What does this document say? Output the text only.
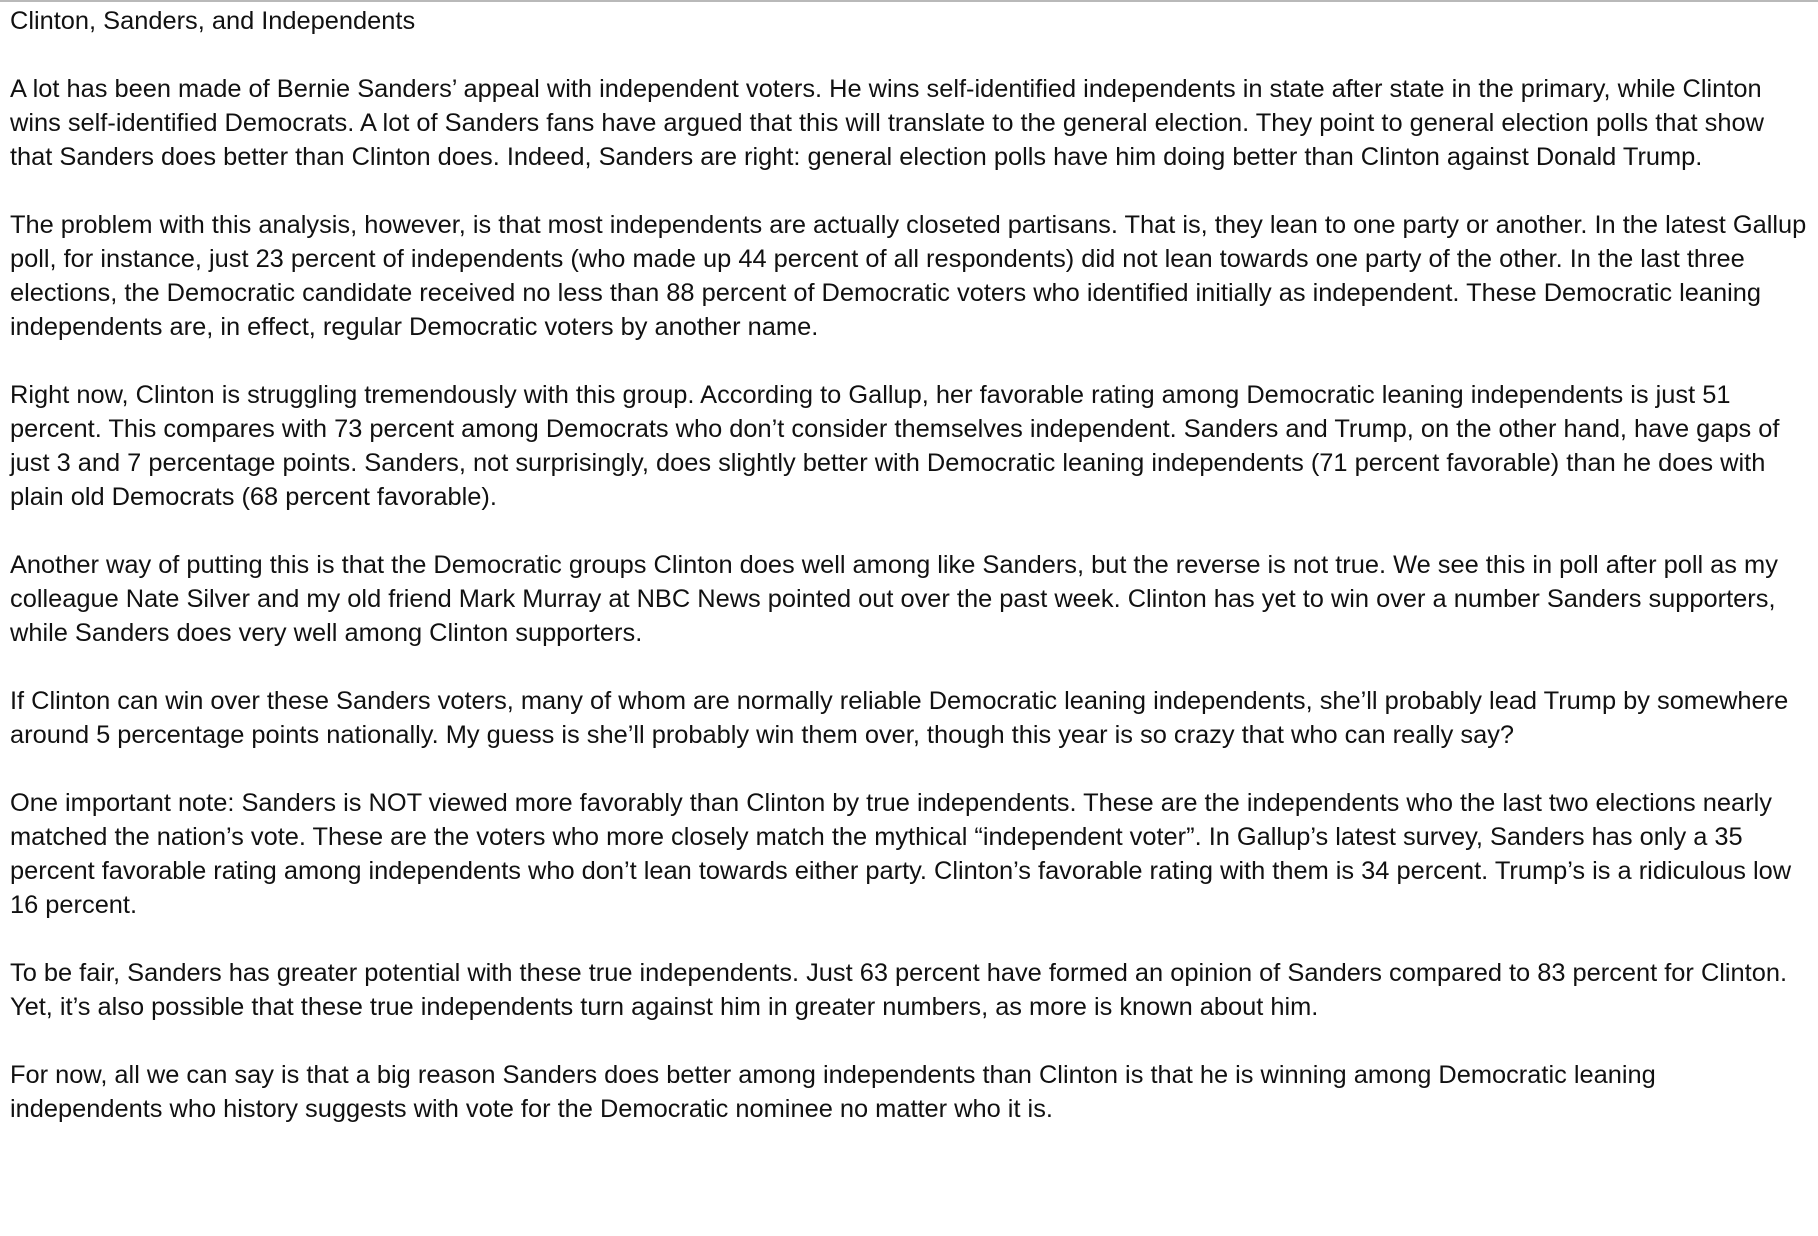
Clinton, Sanders, and Independents

A lot has been made of Bernie Sanders’ appeal with independent voters. He wins self-identified independents in state after state in the primary, while Clinton wins self-identified Democrats. A lot of Sanders fans have argued that this will translate to the general election. They point to general election polls that show that Sanders does better than Clinton does. Indeed, Sanders are right: general election polls have him doing better than Clinton against Donald Trump.

The problem with this analysis, however, is that most independents are actually closeted partisans. That is, they lean to one party or another. In the latest Gallup poll, for instance, just 23 percent of independents (who made up 44 percent of all respondents) did not lean towards one party of the other. In the last three elections, the Democratic candidate received no less than 88 percent of Democratic voters who identified initially as independent. These Democratic leaning independents are, in effect, regular Democratic voters by another name.

Right now, Clinton is struggling tremendously with this group. According to Gallup, her favorable rating among Democratic leaning independents is just 51 percent. This compares with 73 percent among Democrats who don’t consider themselves independent. Sanders and Trump, on the other hand, have gaps of just 3 and 7 percentage points. Sanders, not surprisingly, does slightly better with Democratic leaning independents (71 percent favorable) than he does with plain old Democrats (68 percent favorable).

Another way of putting this is that the Democratic groups Clinton does well among like Sanders, but the reverse is not true. We see this in poll after poll as my colleague Nate Silver and my old friend Mark Murray at NBC News pointed out over the past week. Clinton has yet to win over a number Sanders supporters, while Sanders does very well among Clinton supporters.

If Clinton can win over these Sanders voters, many of whom are normally reliable Democratic leaning independents, she’ll probably lead Trump by somewhere around 5 percentage points nationally. My guess is she’ll probably win them over, though this year is so crazy that who can really say?

One important note: Sanders is NOT viewed more favorably than Clinton by true independents. These are the independents who the last two elections nearly matched the nation’s vote. These are the voters who more closely match the mythical “independent voter”. In Gallup’s latest survey, Sanders has only a 35 percent favorable rating among independents who don’t lean towards either party. Clinton’s favorable rating with them is 34 percent. Trump’s is a ridiculous low 16 percent.

To be fair, Sanders has greater potential with these true independents. Just 63 percent have formed an opinion of Sanders compared to 83 percent for Clinton. Yet, it’s also possible that these true independents turn against him in greater numbers, as more is known about him.

For now, all we can say is that a big reason Sanders does better among independents than Clinton is that he is winning among Democratic leaning independents who history suggests with vote for the Democratic nominee no matter who it is.
